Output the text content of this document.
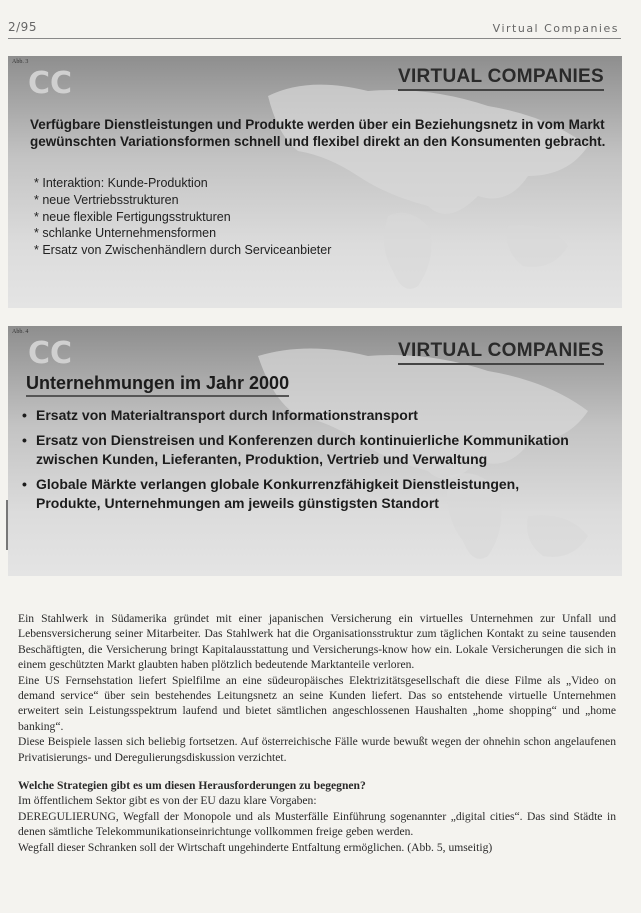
2/95	Virtual Companies
Abb. 3
CC	VIRTUAL COMPANIES
Verfügbare Dienstleistungen und Produkte werden über ein Beziehungsnetz in vom Markt gewünschten Variationsformen schnell und flexibel direkt an den Konsumenten gebracht.
* Interaktion: Kunde-Produktion
* neue Vertriebsstrukturen
* neue flexible Fertigungsstrukturen
* schlanke Unternehmensformen
* Ersatz von Zwischenhändlern durch Serviceanbieter
Abb. 4
CC	VIRTUAL COMPANIES
Unternehmungen im Jahr 2000
• Ersatz von Materialtransport durch Informationstransport
• Ersatz von Dienstreisen und Konferenzen durch kontinuierliche Kommunikation zwischen Kunden, Lieferanten, Produktion, Vertrieb und Verwaltung
• Globale Märkte verlangen globale Konkurrenzfähigkeit Dienstleistungen, Produkte, Unternehmungen am jeweils günstigsten Standort

Ein Stahlwerk in Südamerika gründet mit einer japanischen Versicherung ein virtuelles Unternehmen zur Unfall und Lebensversicherung seiner Mitarbeiter. Das Stahlwerk hat die Organisationsstruktur zum täglichen Kontakt zu seine tausenden Beschäftigten, die Versicherung bringt Kapitalausstattung und Versicherungs-know how ein. Lokale Versicherungen die sich in einem geschützten Markt glaubten haben plötzlich bedeutende Marktanteile verloren.

Eine US Fernsehstation liefert Spielfilme an eine südeuropäisches Elektrizitätsgesellschaft die diese Filme als „Video on demand service“ über sein bestehendes Leitungsnetz an seine Kunden liefert. Das so entstehende virtuelle Unternehmen erweitert sein Leistungsspektrum laufend und bietet sämtlichen angeschlossenen Haushalten „home shopping“ und „home banking“.

Diese Beispiele lassen sich beliebig fortsetzen. Auf österreichische Fälle wurde bewußt wegen der ohnehin schon angelaufenen Privatisierungs- und Deregulierungsdiskussion verzichtet.

Welche Strategien gibt es um diesen Herausforderungen zu begegnen?

Im öffentlichem Sektor gibt es von der EU dazu klare Vorgaben:

DEREGULIERUNG, Wegfall der Monopole und als Musterfälle Einführung sogenannter „digital cities“. Das sind Städte in denen sämtliche Telekommunikationseinrichtunge vollkommen freige geben werden.

Wegfall dieser Schranken soll der Wirtschaft ungehinderte Entfaltung ermöglichen. (Abb. 5, umseitig)
